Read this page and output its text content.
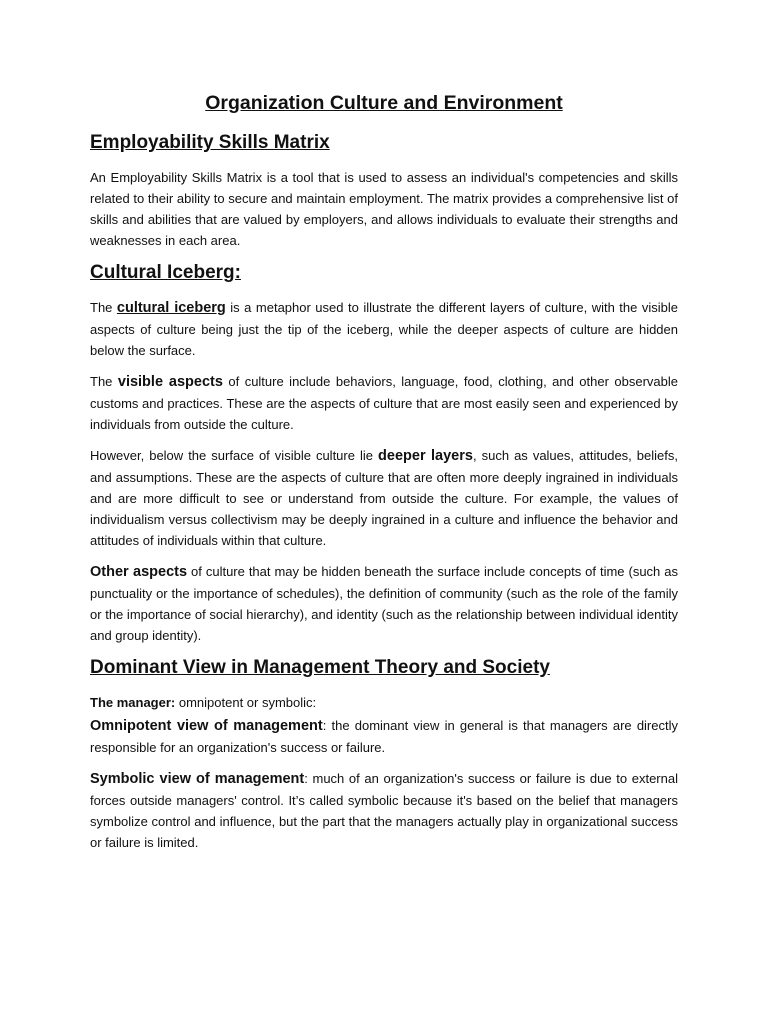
Organization Culture and Environment
Employability Skills Matrix

An Employability Skills Matrix is a tool that is used to assess an individual's competencies and skills related to their ability to secure and maintain employment. The matrix provides a comprehensive list of skills and abilities that are valued by employers, and allows individuals to evaluate their strengths and weaknesses in each area.

Cultural Iceberg:

The cultural iceberg is a metaphor used to illustrate the different layers of culture, with the visible aspects of culture being just the tip of the iceberg, while the deeper aspects of culture are hidden below the surface.

The visible aspects of culture include behaviors, language, food, clothing, and other observable customs and practices. These are the aspects of culture that are most easily seen and experienced by individuals from outside the culture.

However, below the surface of visible culture lie deeper layers, such as values, attitudes, beliefs, and assumptions. These are the aspects of culture that are often more deeply ingrained in individuals and are more difficult to see or understand from outside the culture. For example, the values of individualism versus collectivism may be deeply ingrained in a culture and influence the behavior and attitudes of individuals within that culture.

Other aspects of culture that may be hidden beneath the surface include concepts of time (such as punctuality or the importance of schedules), the definition of community (such as the role of the family or the importance of social hierarchy), and identity (such as the relationship between individual identity and group identity).

Dominant View in Management Theory and Society

The manager: omnipotent or symbolic:

Omnipotent view of management: the dominant view in general is that managers are directly responsible for an organization's success or failure.

Symbolic view of management: much of an organization's success or failure is due to external forces outside managers' control. It’s called symbolic because it's based on the belief that managers symbolize control and influence, but the part that the managers actually play in organizational success or failure is limited.
